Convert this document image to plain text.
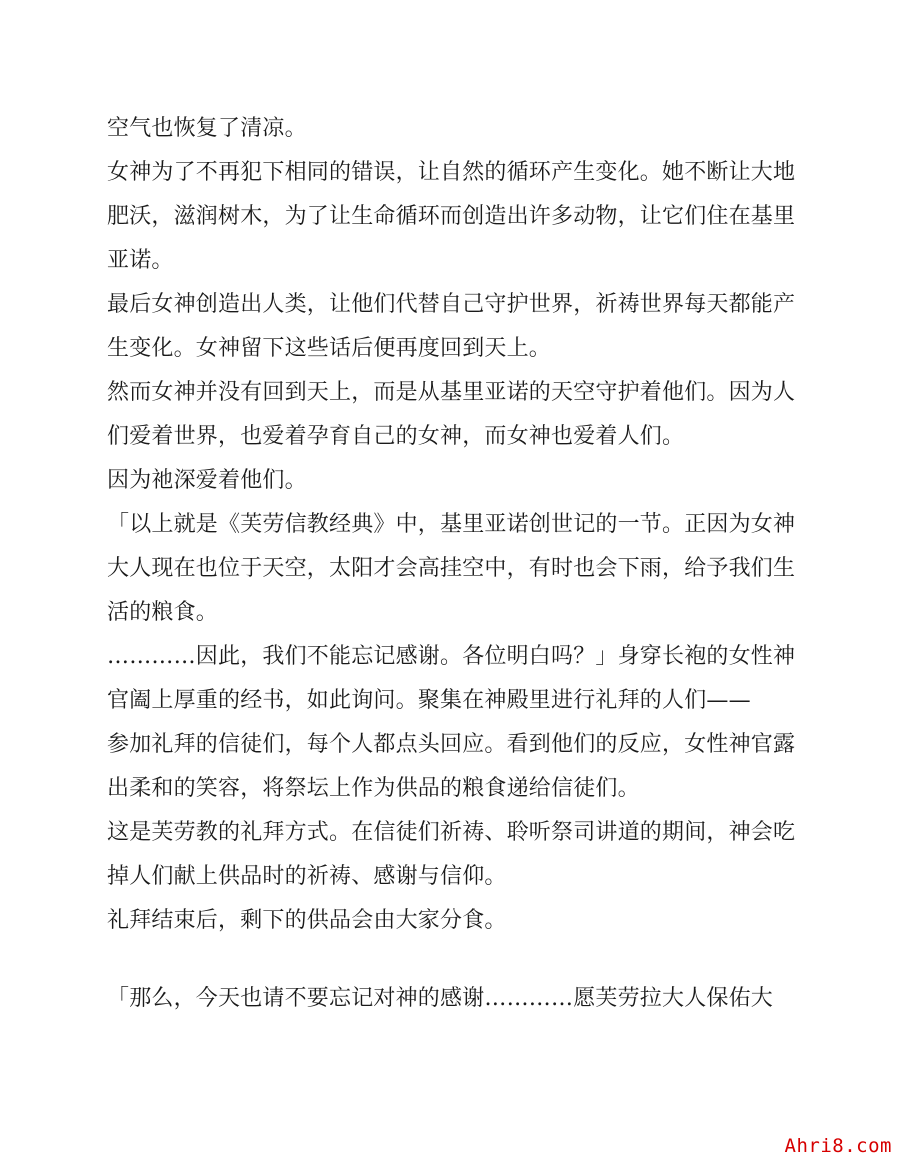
空气也恢复了清凉。
女神为了不再犯下相同的错误，让自然的循环产生变化。她不断让大地
肥沃，滋润树木，为了让生命循环而创造出许多动物，让它们住在基里
亚诺。
最后女神创造出人类，让他们代替自己守护世界，祈祷世界每天都能产
生变化。女神留下这些话后便再度回到天上。
然而女神并没有回到天上，而是从基里亚诺的天空守护着他们。因为人
们爱着世界，也爱着孕育自己的女神，而女神也爱着人们。
因为祂深爱着他们。
「以上就是《芙劳信教经典》中，基里亚诺创世记的一节。正因为女神
大人现在也位于天空，太阳才会高挂空中，有时也会下雨，给予我们生
活的粮食。
…………因此，我们不能忘记感谢。各位明白吗？」身穿长袍的女性神
官阖上厚重的经书，如此询问。聚集在神殿里进行礼拜的人们——
参加礼拜的信徒们，每个人都点头回应。看到他们的反应，女性神官露
出柔和的笑容，将祭坛上作为供品的粮食递给信徒们。
这是芙劳教的礼拜方式。在信徒们祈祷、聆听祭司讲道的期间，神会吃
掉人们献上供品时的祈祷、感谢与信仰。
礼拜结束后，剩下的供品会由大家分食。
「那么，今天也请不要忘记对神的感谢…………愿芙劳拉大人保佑大
Ahri8.com
